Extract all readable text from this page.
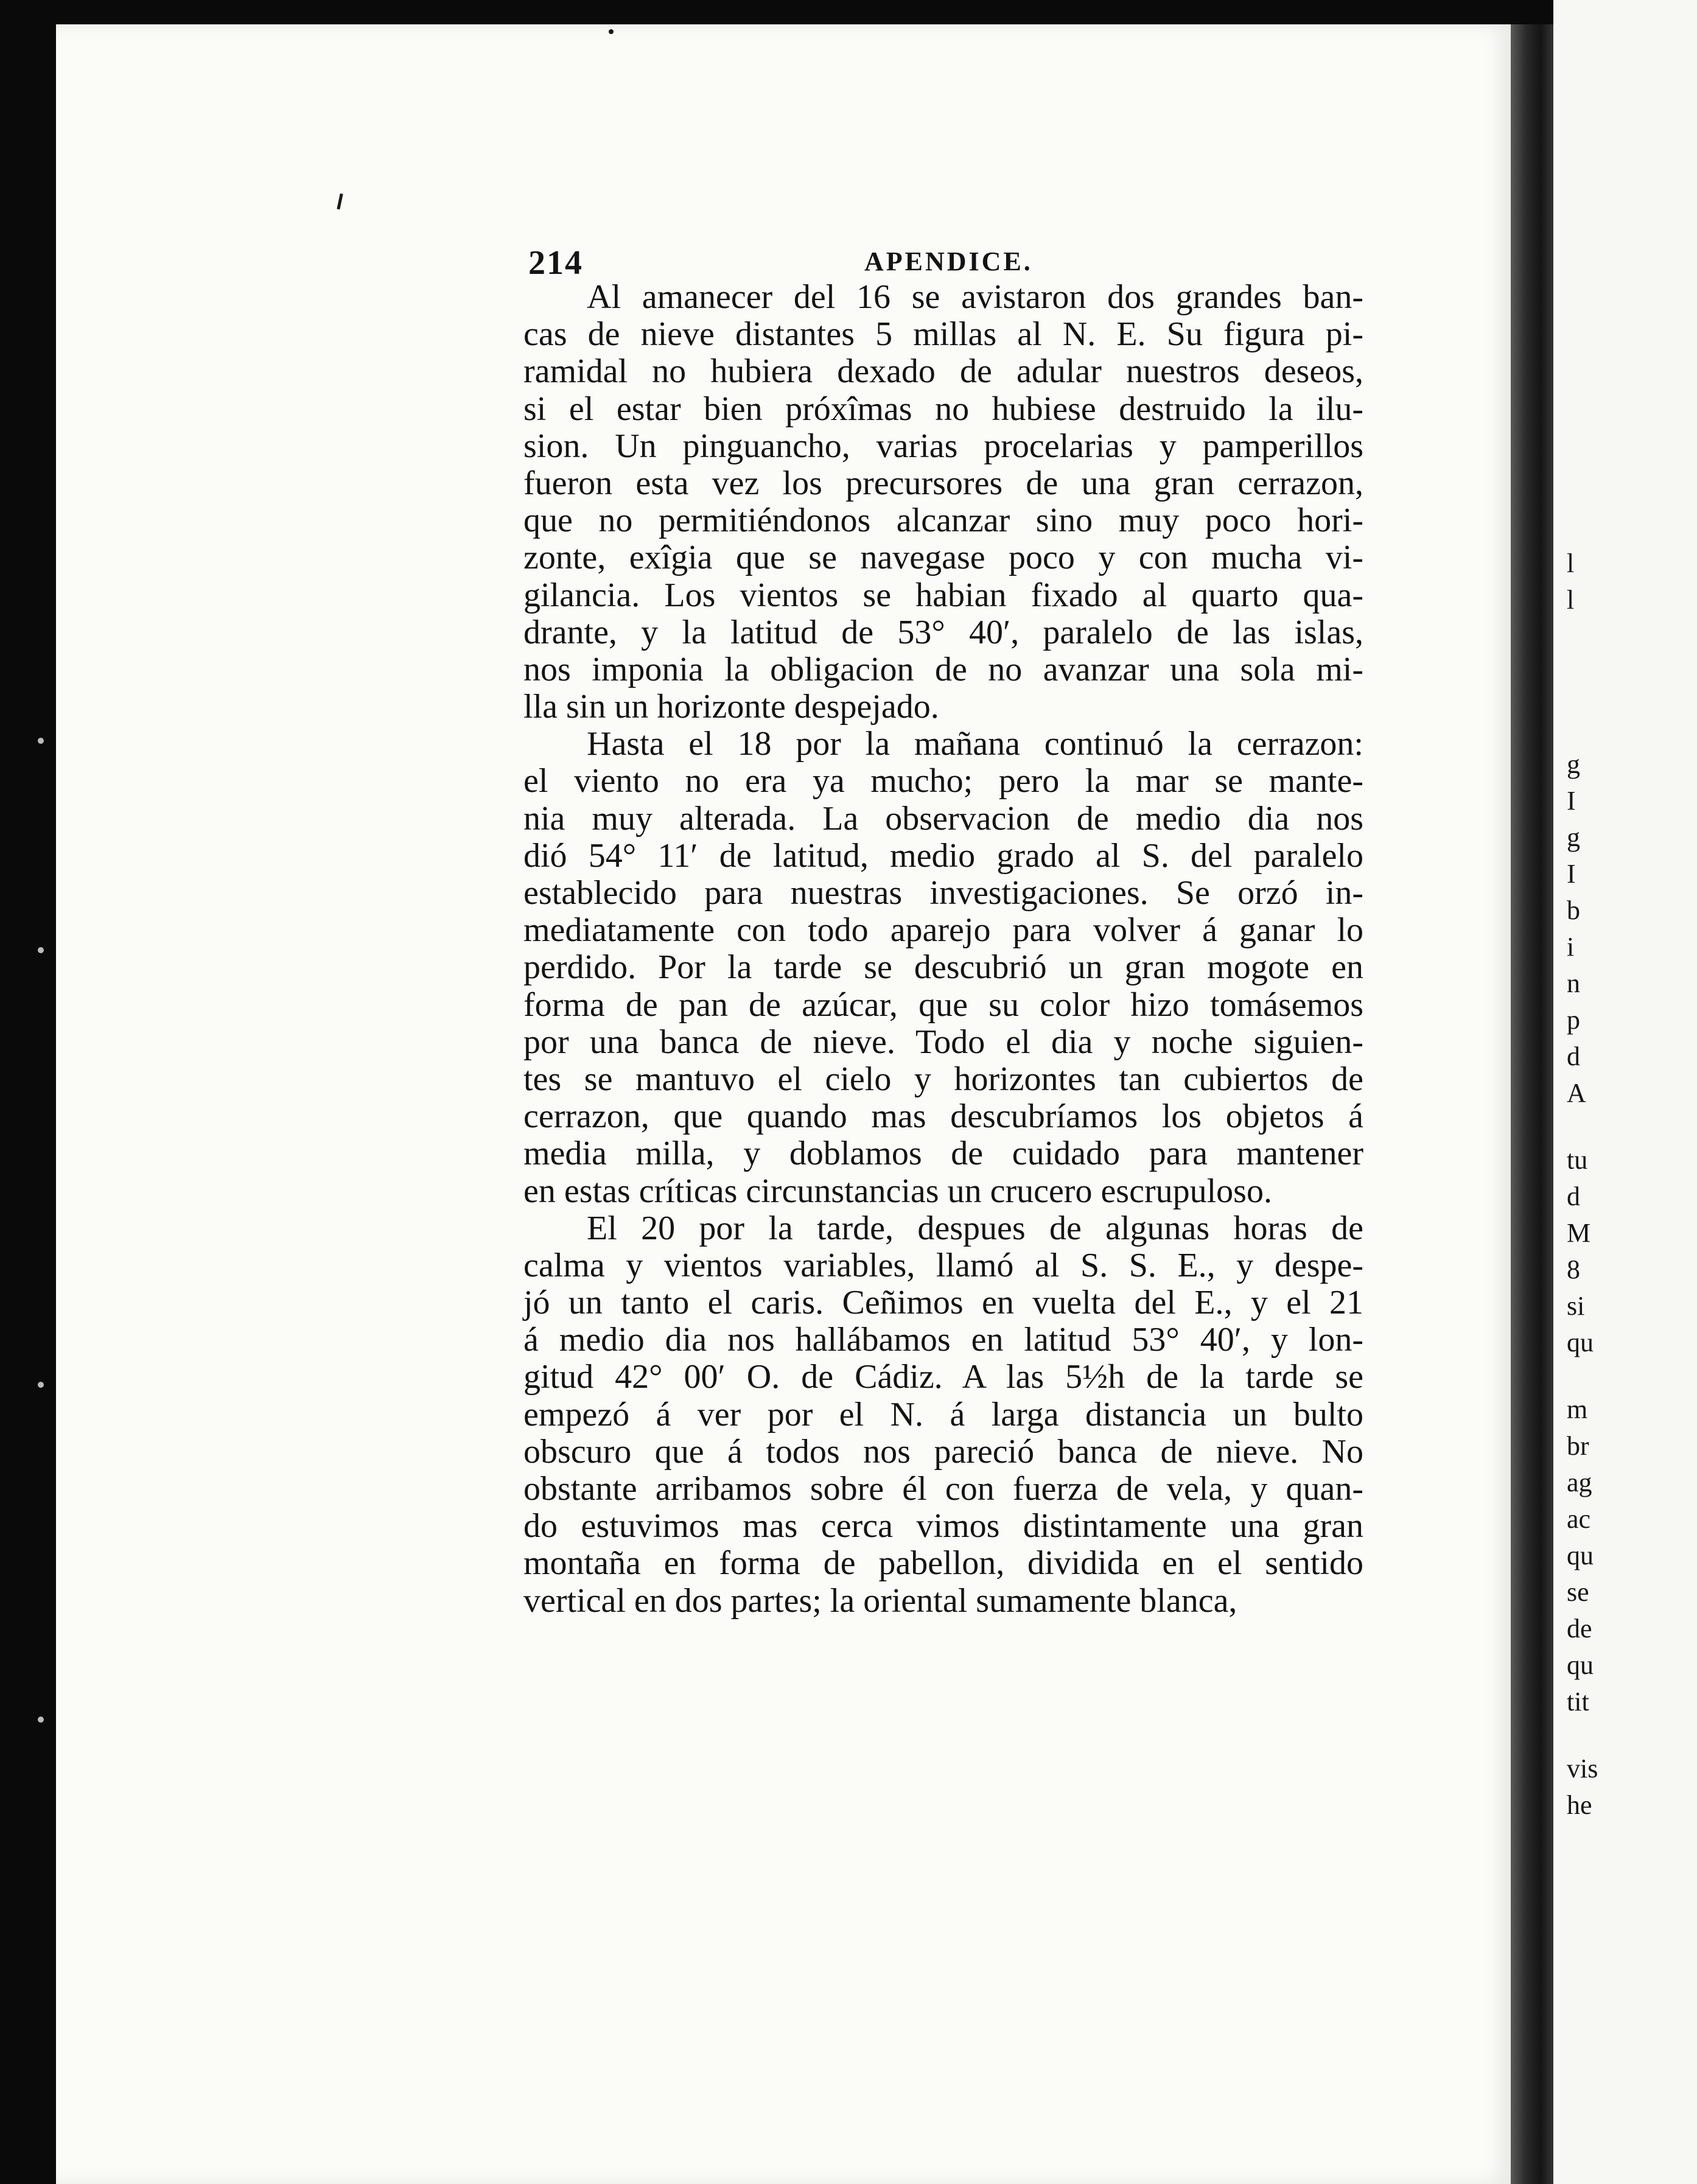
l
l
g
I
g
I
b
i
n
p
d
A
tu
d
M
8
si
qu
m
br
ag
ac
qu
se
de
qu
tit
vis
he
214	APENDICE.
Al amanecer del 16 se avistaron dos grandes ban-
cas de nieve distantes 5 millas al N. E. Su figura pi-
ramidal no hubiera dexado de adular nuestros deseos,
si el estar bien próxîmas no hubiese destruido la ilu-
sion. Un pinguancho, varias procelarias y pamperillos
fueron esta vez los precursores de una gran cerrazon,
que no permitiéndonos alcanzar sino muy poco hori-
zonte, exîgia que se navegase poco y con mucha vi-
gilancia. Los vientos se habian fixado al quarto qua-
drante, y la latitud de 53° 40′, paralelo de las islas,
nos imponia la obligacion de no avanzar una sola mi-
lla sin un horizonte despejado.
Hasta el 18 por la mañana continuó la cerrazon:
el viento no era ya mucho; pero la mar se mante-
nia muy alterada. La observacion de medio dia nos
dió 54° 11′ de latitud, medio grado al S. del paralelo
establecido para nuestras investigaciones. Se orzó in-
mediatamente con todo aparejo para volver á ganar lo
perdido. Por la tarde se descubrió un gran mogote en
forma de pan de azúcar, que su color hizo tomásemos
por una banca de nieve. Todo el dia y noche siguien-
tes se mantuvo el cielo y horizontes tan cubiertos de
cerrazon, que quando mas descubríamos los objetos á
media milla, y doblamos de cuidado para mantener
en estas críticas circunstancias un crucero escrupuloso.
El 20 por la tarde, despues de algunas horas de
calma y vientos variables, llamó al S. S. E., y despe-
jó un tanto el caris. Ceñimos en vuelta del E., y el 21
á medio dia nos hallábamos en latitud 53° 40′, y lon-
gitud 42° 00′ O. de Cádiz. A las 5½h de la tarde se
empezó á ver por el N. á larga distancia un bulto
obscuro que á todos nos pareció banca de nieve. No
obstante arribamos sobre él con fuerza de vela, y quan-
do estuvimos mas cerca vimos distintamente una gran
montaña en forma de pabellon, dividida en el sentido
vertical en dos partes; la oriental sumamente blanca,
